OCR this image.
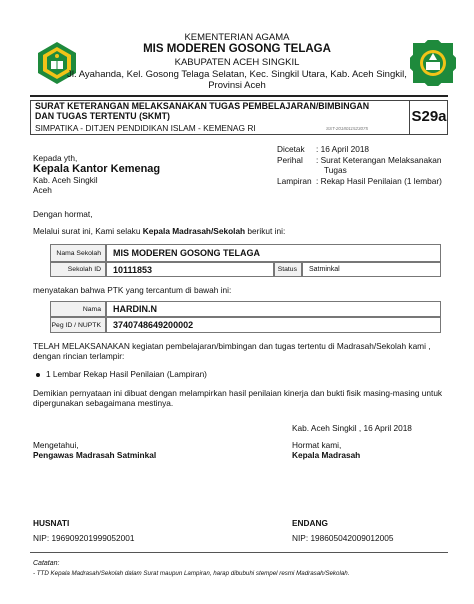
KEMENTERIAN AGAMA
MIS MODEREN GOSONG TELAGA
KABUPATEN ACEH SINGKIL
Jl. Ayahanda, Kel. Gosong Telaga Selatan, Kec. Singkil Utara, Kab. Aceh Singkil,
Provinsi Aceh
SURAT KETERANGAN MELAKSANAKAN TUGAS PEMBELAJARAN/BIMBINGAN
DAN TUGAS TERTENTU (SKMT)
SIMPATIKA - DITJEN PENDIDIKAN ISLAM - KEMENAG RI	SST-2018011523075
S29a
Kepada yth,
Kepala Kantor Kemenag
Kab. Aceh Singkil
Aceh
Dicetak : 16 April 2018
Perihal : Surat Keterangan Melaksanakan
Tugas
Lampiran : Rekap Hasil Penilaian (1 lembar)
Dengan hormat,
Melalui surat ini, Kami selaku Kepala Madrasah/Sekolah berikut ini:
Nama Sekolah	MIS MODEREN GOSONG TELAGA
Sekolah ID	10111853	Status	Satminkal
menyatakan bahwa PTK yang tercantum di bawah ini:
Nama	HARDIN.N
Peg ID / NUPTK	3740748649200002
TELAH MELAKSANAKAN kegiatan pembelajaran/bimbingan dan tugas tertentu di Madrasah/Sekolah kami ,
dengan rincian terlampir:
1 Lembar Rekap Hasil Penilaian (Lampiran)
Demikian pernyataan ini dibuat dengan melampirkan hasil penilaian kinerja dan bukti fisik masing-masing untuk
dipergunakan sebagaimana mestinya.
Kab. Aceh Singkil , 16 April 2018
Mengetahui,
Pengawas Madrasah Satminkal
Hormat kami,
Kepala Madrasah
HUSNATI
NIP: 196909201999052001
ENDANG
NIP: 198605042009012005
Catatan:
- TTD Kepala Madrasah/Sekolah dalam Surat maupun Lampiran, harap dibubuhi stempel resmi Madrasah/Sekolah.
